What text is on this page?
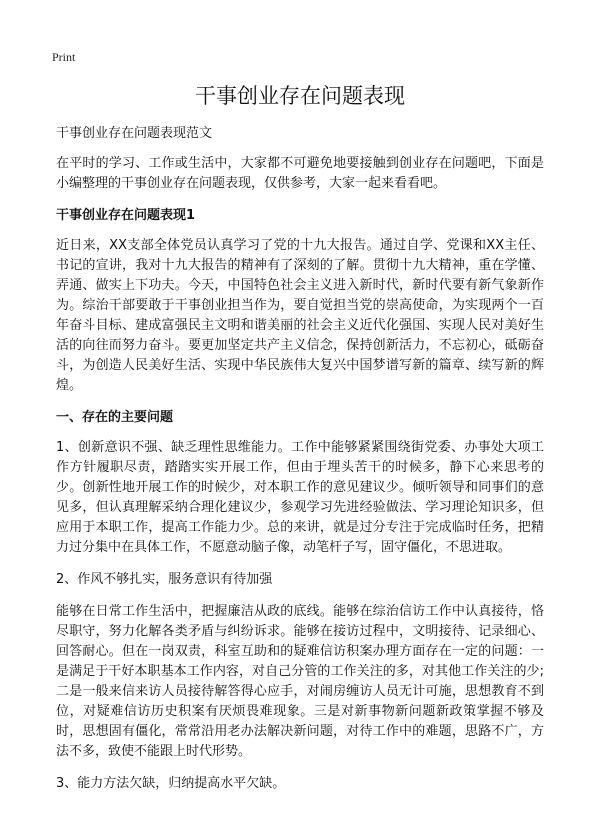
Print
干事创业存在问题表现

干事创业存在问题表现范文

在平时的学习、工作或生活中，大家都不可避免地要接触到创业存在问题吧，下面是小编整理的干事创业存在问题表现，仅供参考，大家一起来看看吧。

干事创业存在问题表现1

近日来，XX支部全体党员认真学习了党的十九大报告。通过自学、党课和XX主任、书记的宣讲，我对十九大报告的精神有了深刻的了解。贯彻十九大精神，重在学懂、弄通、做实上下功夫。今天，中国特色社会主义进入新时代，新时代要有新气象新作为。综治干部要敢于干事创业担当作为，要自觉担当党的崇高使命，为实现两个一百年奋斗目标、建成富强民主文明和谐美丽的社会主义近代化强国、实现人民对美好生活的向往而努力奋斗。要更加坚定共产主义信念，保持创新活力，不忘初心，砥砺奋斗，为创造人民美好生活、实现中华民族伟大复兴中国梦谱写新的篇章、续写新的辉煌。

一、存在的主要问题

1、创新意识不强、缺乏理性思维能力。工作中能够紧紧围绕街党委、办事处大项工作方针履职尽责，踏踏实实开展工作，但由于埋头苦干的时候多，静下心来思考的少。创新性地开展工作的时候少，对本职工作的意见建议少。倾听领导和同事们的意见多，但认真理解采纳合理化建议少，参观学习先进经验做法、学习理论知识多，但应用于本职工作，提高工作能力少。总的来讲，就是过分专注于完成临时任务，把精力过分集中在具体工作，不愿意动脑子像，动笔杆子写，固守僵化，不思进取。

2、作风不够扎实，服务意识有待加强

能够在日常工作生活中，把握廉洁从政的底线。能够在综治信访工作中认真接待，恪尽职守，努力化解各类矛盾与纠纷诉求。能够在接访过程中，文明接待、记录细心、回答耐心。但在一岗双责，科室互助和的疑难信访积案办理方面存在一定的问题：一是满足于干好本职基本工作内容，对自己分管的工作关注的多，对其他工作关注的少;二是一般来信来访人员接待解答得心应手，对闹房缠访人员无计可施，思想教育不到位，对疑难信访历史积案有厌烦畏难现象。三是对新事物新问题新政策掌握不够及时，思想固有僵化，常常沿用老办法解决新问题，对待工作中的难题，思路不广，方法不多，致使不能跟上时代形势。

3、能力方法欠缺，归纳提高水平欠缺。
